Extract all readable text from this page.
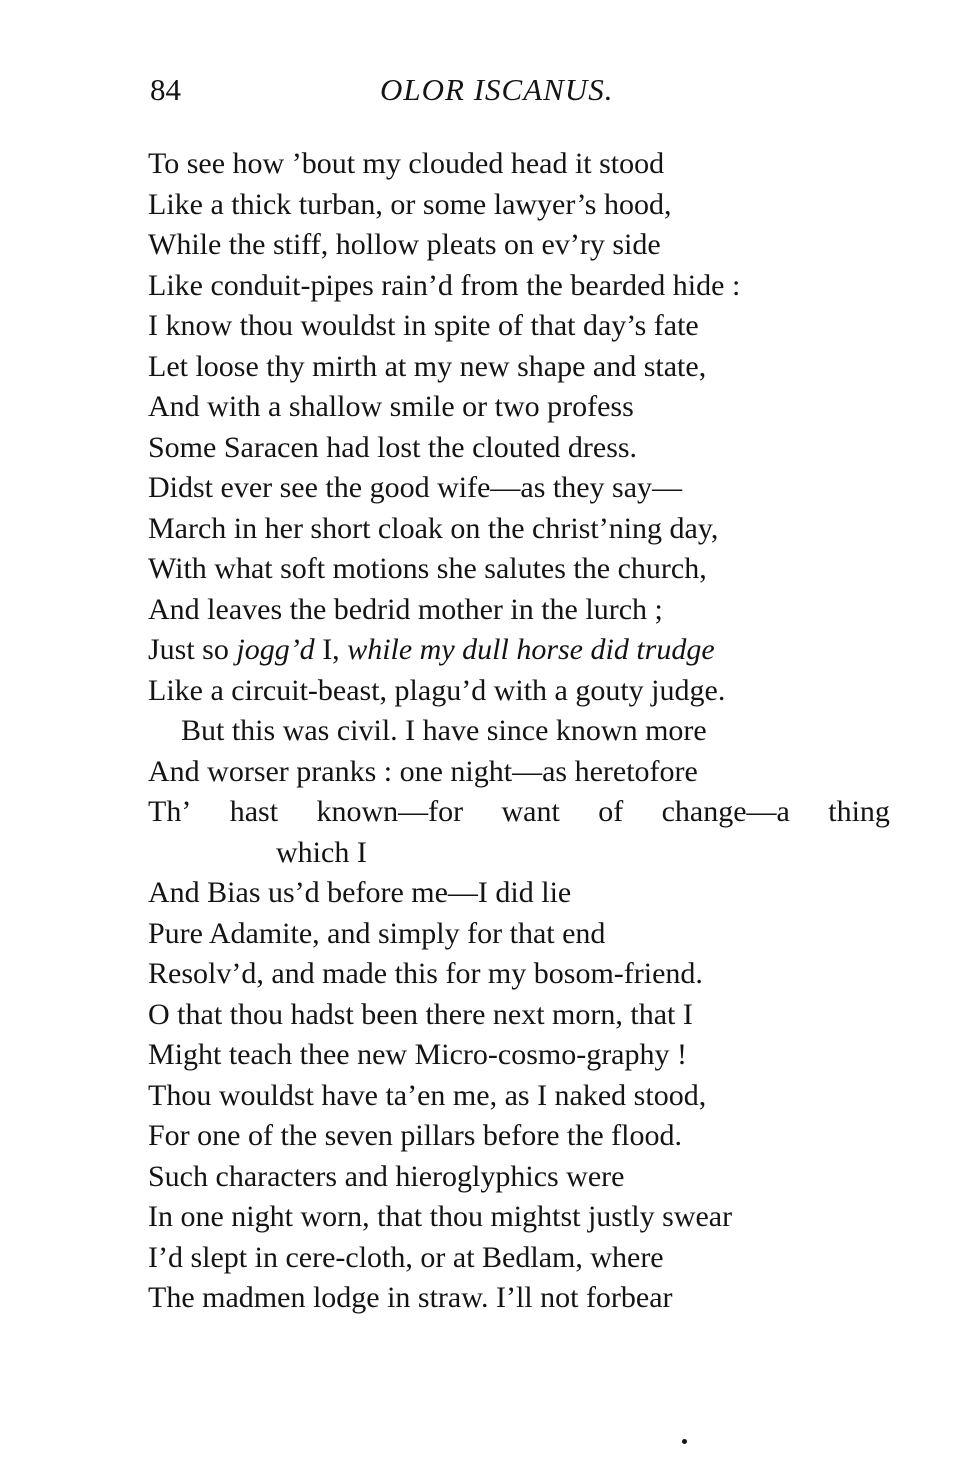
84	OLOR ISCANUS.
To see how ’bout my clouded head it stood
Like a thick turban, or some lawyer’s hood,
While the stiff, hollow pleats on ev’ry side
Like conduit-pipes rain’d from the bearded hide :
I know thou wouldst in spite of that day’s fate
Let loose thy mirth at my new shape and state,
And with a shallow smile or two profess
Some Saracen had lost the clouted dress.
Didst ever see the good wife—as they say—
March in her short cloak on the christ’ning day,
With what soft motions she salutes the church,
And leaves the bedrid mother in the lurch ;
Just so jogg’d I, while my dull horse did trudge
Like a circuit-beast, plagu’d with a gouty judge.
But this was civil. I have since known more
And worser pranks : one night—as heretofore
Th’ hast known—for want of change—a thing
which I
And Bias us’d before me—I did lie
Pure Adamite, and simply for that end
Resolv’d, and made this for my bosom-friend.
O that thou hadst been there next morn, that I
Might teach thee new Micro-cosmo-graphy !
Thou wouldst have ta’en me, as I naked stood,
For one of the seven pillars before the flood.
Such characters and hieroglyphics were
In one night worn, that thou mightst justly swear
I’d slept in cere-cloth, or at Bedlam, where
The madmen lodge in straw. I’ll not forbear
